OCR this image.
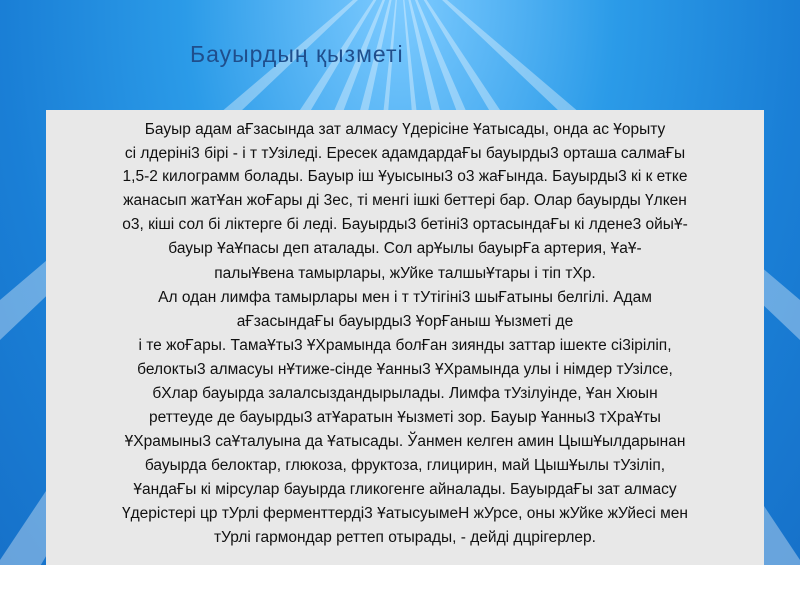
Бауырдың қызметі
Бауыр адам аҒзасында зат алмасу Үдерісіне Ұатысады, онда ас Ұорыту
сі лдеріні3 бірі - і т тУзіледі. Ересек адамдардаҒы бауырды3 орташа салмаҒы
1,5-2 килограмм болады. Бауыр іш Ұуысыны3 о3 жаҒында. Бауырды3 кі к етке
жанасып жатҰан жоҒары ді 3ес, ті менгі ішкі беттері бар. Олар бауырды Үлкен
о3, кіші сол бі ліктерге бі леді. Бауырды3 бетіні3 ортасындаҒы кі лдене3 ойыҰ-
бауыр ҰаҰпасы деп аталады. Сол арҰылы бауырҒа артерия, ҰаҰ-
палыҰвена тамырлары, жУйке талшыҰтары і тіп тХр.
Ал одан лимфа тамырлары мен і т тУтігіні3 шыҒатыны белгілі. Адам
аҒзасындаҒы бауырды3 ҰорҒаныш Ұызметі де
і те жоҒары. ТамаҰты3 ҰХрамында болҒан зиянды заттар ішекте сі3іріліп,
белокты3 алмасуы нҰтиже-сінде Ұанны3 ҰХрамында улы і німдер тУзілсе,
бХлар бауырда залалсыздандырылады. Лимфа тУзілуінде, Ұан Хюын
реттеуде де бауырды3 атҰаратын Ұызметі зор. Бауыр Ұанны3 тХраҰты
ҰХрамыны3 саҰталуына да Ұатысады. Ўанмен келген амин ЦышҰылдарынан
бауырда белоктар, глюкоза, фруктоза, глицирин, май ЦышҰылы тУзіліп,
ҰандаҒы кі мірсулар бауырда гликогенге айналады. БауырдаҒы зат алмасу
Үдерістері цр тУрлі ферменттерді3 ҰатысуымеН жУрсе, оны жУйке жУйесі мен
тУрлі гармондар реттеп отырады, - дейді дцрігерлер.
